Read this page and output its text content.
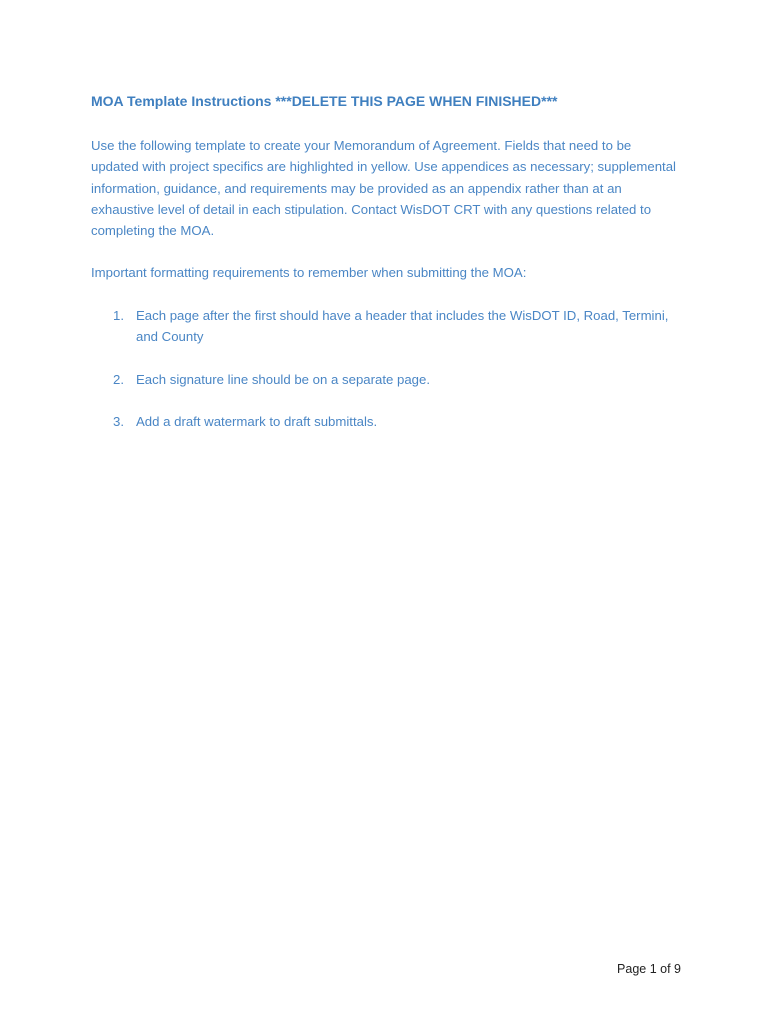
MOA Template Instructions ***DELETE THIS PAGE WHEN FINISHED***

Use the following template to create your Memorandum of Agreement. Fields that need to be updated with project specifics are highlighted in yellow. Use appendices as necessary; supplemental information, guidance, and requirements may be provided as an appendix rather than at an exhaustive level of detail in each stipulation. Contact WisDOT CRT with any questions related to completing the MOA.

Important formatting requirements to remember when submitting the MOA:

1. Each page after the first should have a header that includes the WisDOT ID, Road, Termini, and County
2. Each signature line should be on a separate page.
3. Add a draft watermark to draft submittals.
Page 1 of 9
